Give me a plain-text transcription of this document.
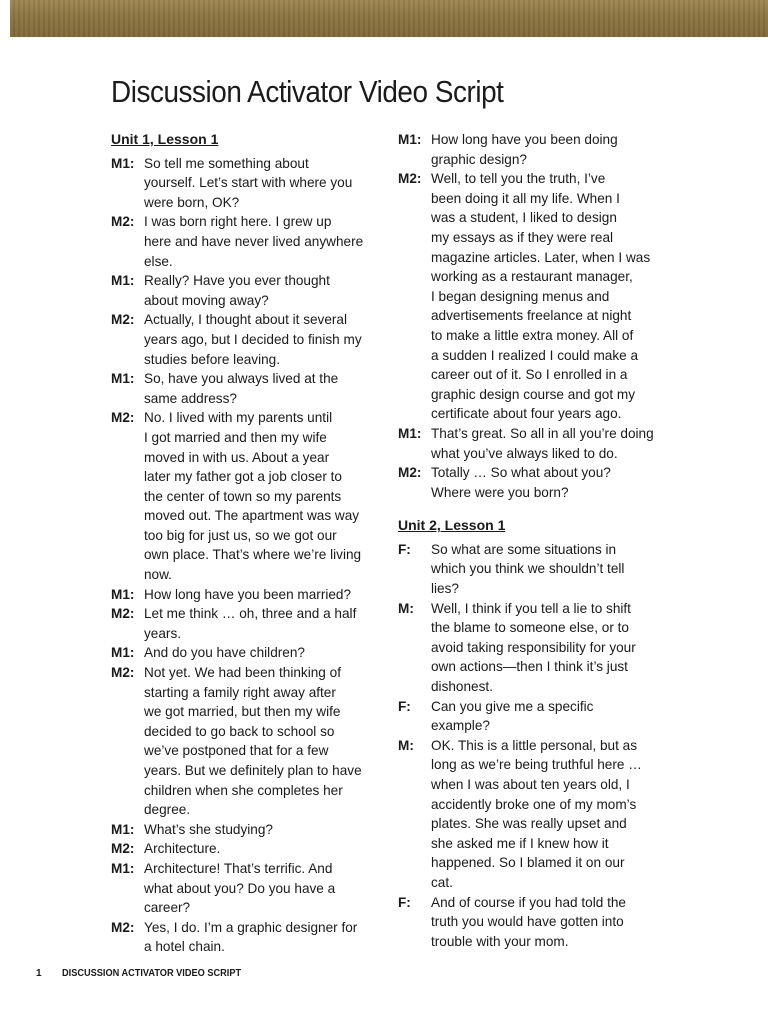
Discussion Activator Video Script
Unit 1, Lesson 1
M1: So tell me something about
yourself. Let’s start with where you
were born, OK?
M2: I was born right here. I grew up
here and have never lived anywhere
else.
M1: Really? Have you ever thought
about moving away?
M2: Actually, I thought about it several
years ago, but I decided to finish my
studies before leaving.
M1: So, have you always lived at the
same address?
M2: No. I lived with my parents until
I got married and then my wife
moved in with us. About a year
later my father got a job closer to
the center of town so my parents
moved out. The apartment was way
too big for just us, so we got our
own place. That’s where we’re living
now.
M1: How long have you been married?
M2: Let me think … oh, three and a half
years.
M1: And do you have children?
M2: Not yet. We had been thinking of
starting a family right away after
we got married, but then my wife
decided to go back to school so
we’ve postponed that for a few
years. But we definitely plan to have
children when she completes her
degree.
M1: What’s she studying?
M2: Architecture.
M1: Architecture! That’s terrific. And
what about you? Do you have a
career?
M2: Yes, I do. I’m a graphic designer for
a hotel chain.
M1: How long have you been doing
graphic design?
M2: Well, to tell you the truth, I’ve
been doing it all my life. When I
was a student, I liked to design
my essays as if they were real
magazine articles. Later, when I was
working as a restaurant manager,
I began designing menus and
advertisements freelance at night
to make a little extra money. All of
a sudden I realized I could make a
career out of it. So I enrolled in a
graphic design course and got my
certificate about four years ago.
M1: That’s great. So all in all you’re doing
what you’ve always liked to do.
M2: Totally … So what about you?
Where were you born?
Unit 2, Lesson 1
F: So what are some situations in
which you think we shouldn’t tell
lies?
M: Well, I think if you tell a lie to shift
the blame to someone else, or to
avoid taking responsibility for your
own actions—then I think it’s just
dishonest.
F: Can you give me a specific
example?
M: OK. This is a little personal, but as
long as we’re being truthful here …
when I was about ten years old, I
accidently broke one of my mom’s
plates. She was really upset and
she asked me if I knew how it
happened. So I blamed it on our
cat.
F: And of course if you had told the
truth you would have gotten into
trouble with your mom.
1 DISCUSSION ACTIVATOR VIDEO SCRIPT
